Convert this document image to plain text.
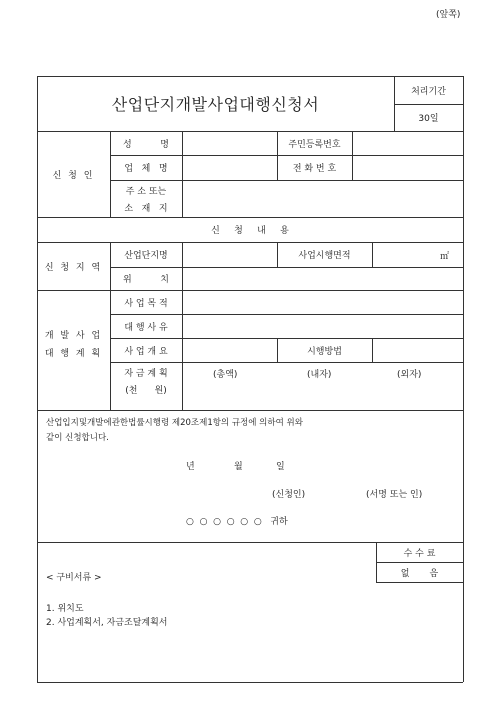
(앞쪽)
산업단지개발사업대행신청서
처리기간
30일
신 청 인
성          명	주민등록번호
업   체   명	전 화 번 호
주 소 또는
소   재   지
신     청     내     용
신 청 지 역
산업단지명	사업시행면적	㎡
위          치
개 발 사 업
대 행 계 획
사 업 목 적
대 행 사 유
사 업 개 요	시행방법
자 금 계 획
(천      원)
(총액)	(내자)	(외자)
산업입지및개발에관한법률시행령 제20조제1항의 규정에 의하여 위와
같이 신청합니다.
년	월	일
(신청인)	(서명 또는 인)
○  ○  ○  ○  ○  ○   귀하
< 구비서류 >
1. 위치도
2. 사업계획서, 자금조달계획서
수 수 료
없       음
